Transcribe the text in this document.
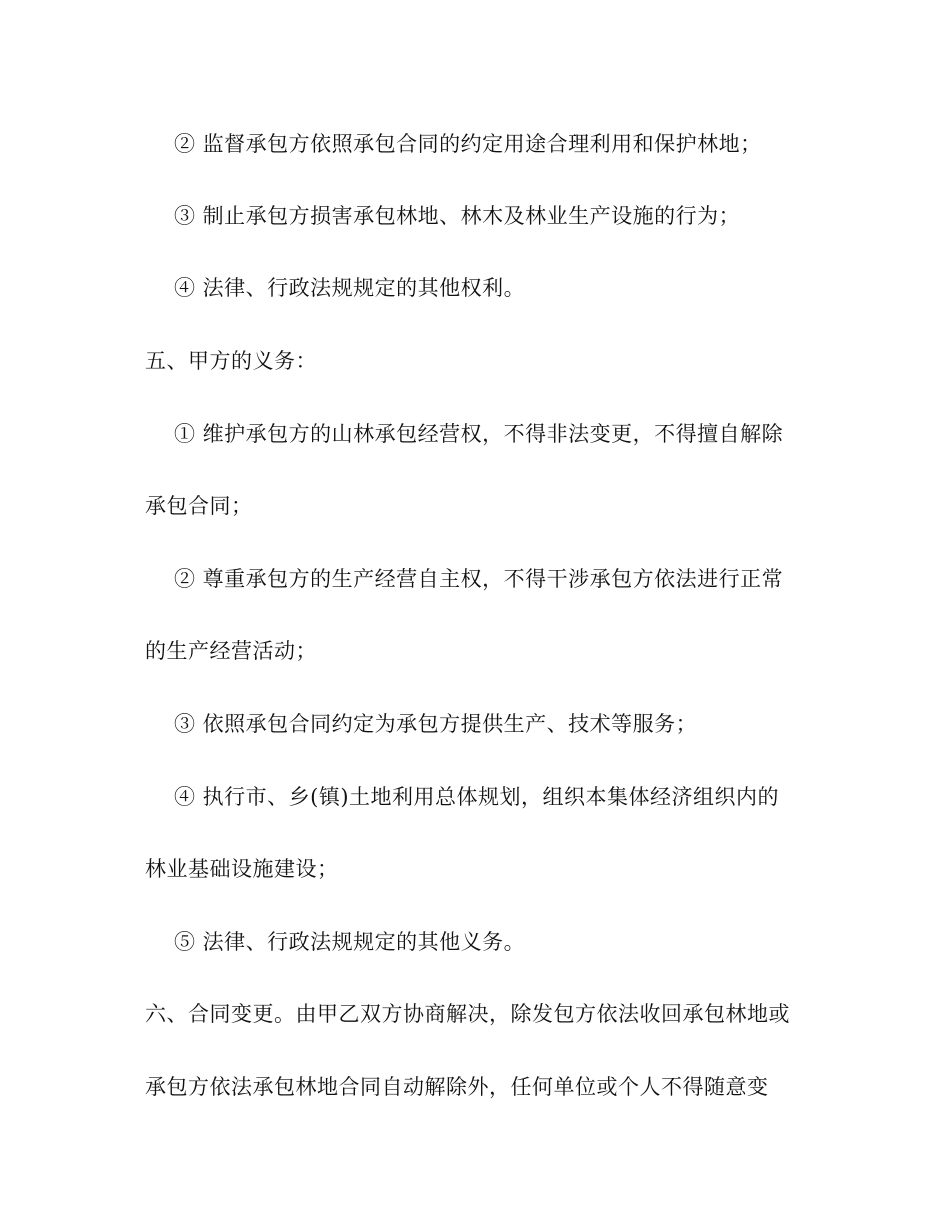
② 监督承包方依照承包合同的约定用途合理利用和保护林地；
③ 制止承包方损害承包林地、林木及林业生产设施的行为；
④ 法律、行政法规规定的其他权利。
五、甲方的义务：
① 维护承包方的山林承包经营权，不得非法变更，不得擅自解除
承包合同；
② 尊重承包方的生产经营自主权，不得干涉承包方依法进行正常
的生产经营活动；
③ 依照承包合同约定为承包方提供生产、技术等服务；
④ 执行市、乡(镇)土地利用总体规划，组织本集体经济组织内的
林业基础设施建设；
⑤ 法律、行政法规规定的其他义务。
六、合同变更。由甲乙双方协商解决，除发包方依法收回承包林地或
承包方依法承包林地合同自动解除外，任何单位或个人不得随意变
